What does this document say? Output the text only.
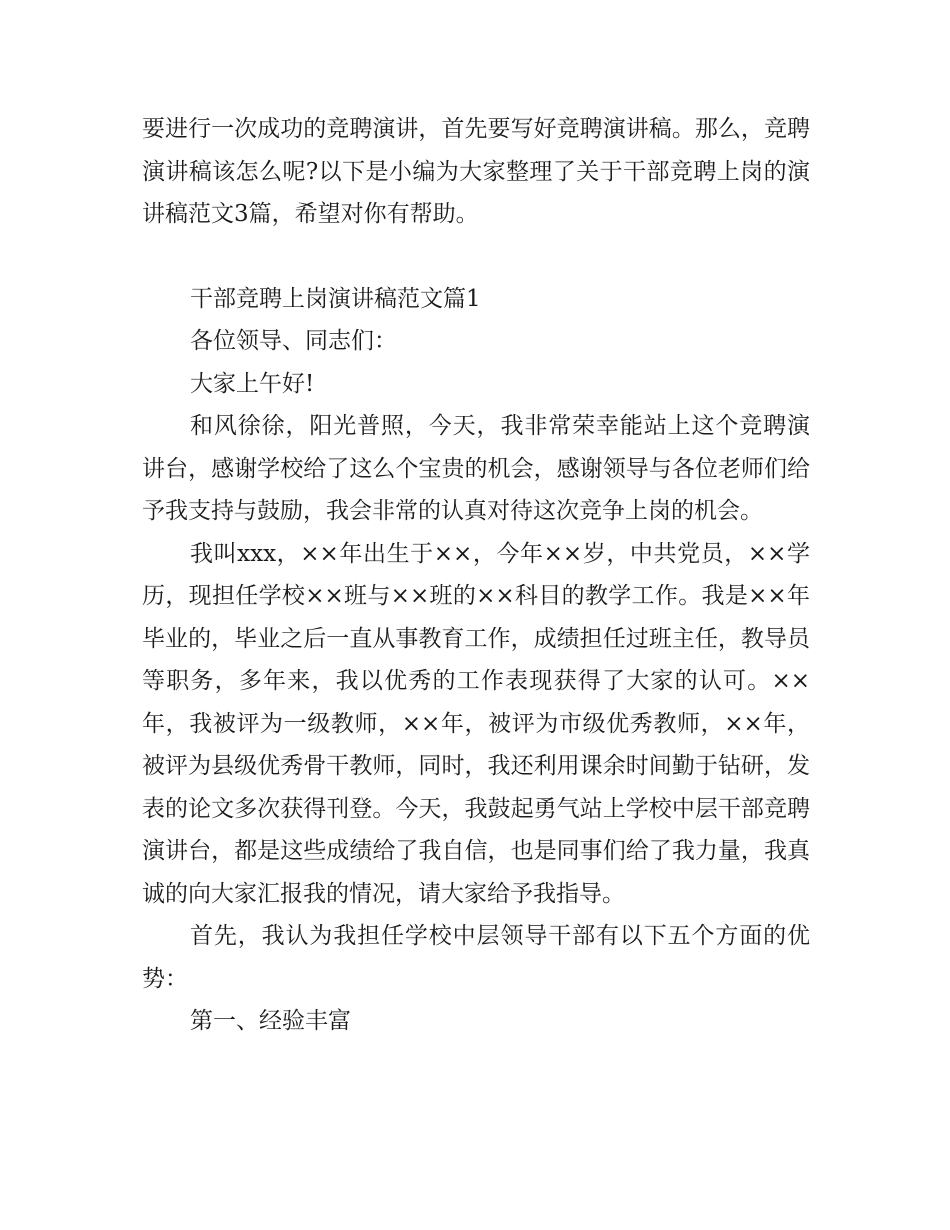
要进行一次成功的竞聘演讲，首先要写好竞聘演讲稿。那么，竞聘演讲稿该怎么呢?以下是小编为大家整理了关于干部竞聘上岗的演讲稿范文3篇，希望对你有帮助。

干部竞聘上岗演讲稿范文篇1

各位领导、同志们：

大家上午好!

和风徐徐，阳光普照，今天，我非常荣幸能站上这个竞聘演讲台，感谢学校给了这么个宝贵的机会，感谢领导与各位老师们给予我支持与鼓励，我会非常的认真对待这次竞争上岗的机会。

我叫xxx，××年出生于××，今年××岁，中共党员，××学历，现担任学校××班与××班的××科目的教学工作。我是××年毕业的，毕业之后一直从事教育工作，成绩担任过班主任，教导员等职务，多年来，我以优秀的工作表现获得了大家的认可。××年，我被评为一级教师，××年，被评为市级优秀教师，××年，被评为县级优秀骨干教师，同时，我还利用课余时间勤于钻研，发表的论文多次获得刊登。今天，我鼓起勇气站上学校中层干部竞聘演讲台，都是这些成绩给了我自信，也是同事们给了我力量，我真诚的向大家汇报我的情况，请大家给予我指导。

首先，我认为我担任学校中层领导干部有以下五个方面的优势：

第一、经验丰富
